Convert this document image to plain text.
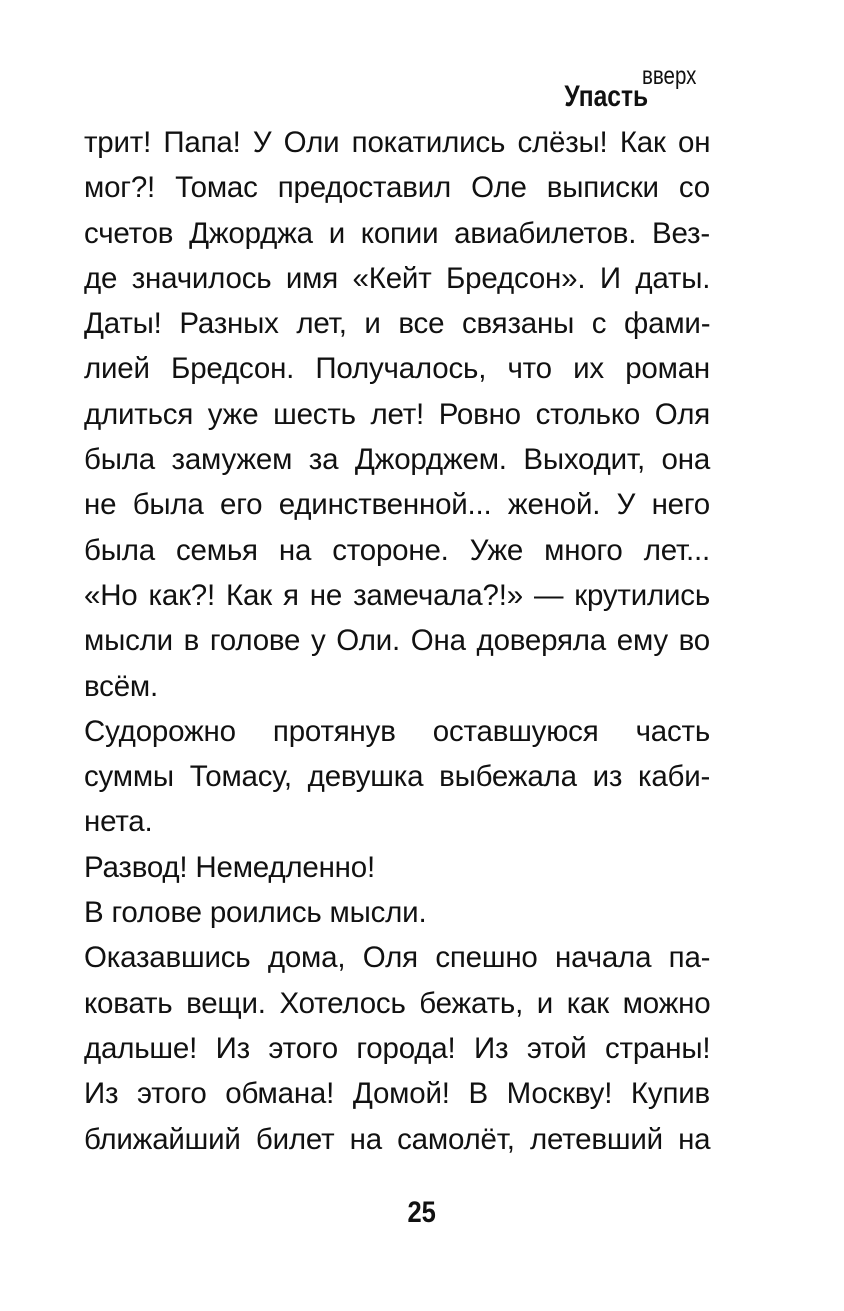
Упастьвверх

трит! Папа! У Оли покатились слёзы! Как он
мог?! Томас предоставил Оле выписки со
счетов Джорджа и копии авиабилетов. Вез-
де значилось имя «Кейт Бредсон». И даты.
Даты! Разных лет, и все связаны с фами-
лией Бредсон. Получалось, что их роман
длиться уже шесть лет! Ровно столько Оля
была замужем за Джорджем. Выходит, она
не была его единственной... женой. У него
была семья на стороне. Уже много лет...
«Но как?! Как я не замечала?!» — крутились
мысли в голове у Оли. Она доверяла ему во
всём.

Судорожно протянув оставшуюся часть
суммы Томасу, девушка выбежала из каби-
нета.

Развод! Немедленно!

В голове роились мысли.

Оказавшись дома, Оля спешно начала па-
ковать вещи. Хотелось бежать, и как можно
дальше! Из этого города! Из этой страны!
Из этого обмана! Домой! В Москву! Купив
ближайший билет на самолёт, летевший на

25
